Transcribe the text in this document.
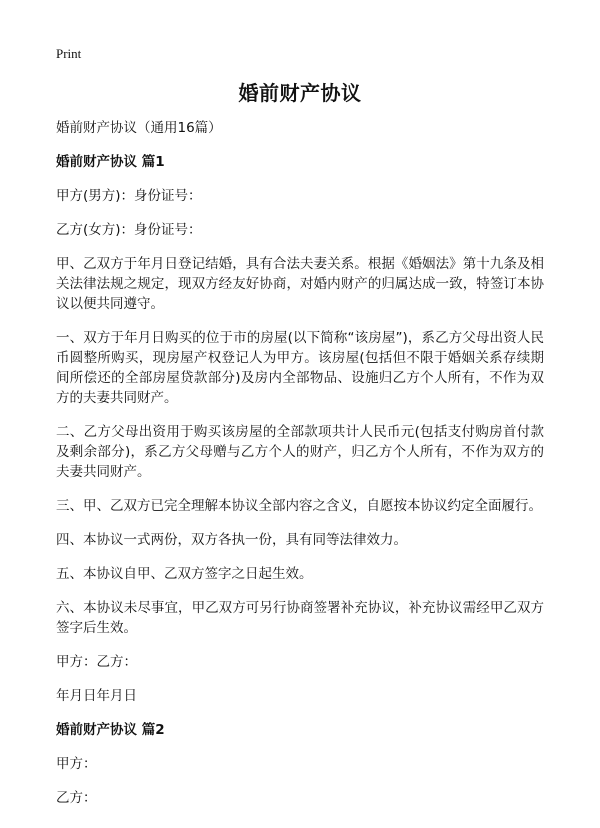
Print
婚前财产协议
婚前财产协议（通用16篇）
婚前财产协议 篇1
甲方(男方)：身份证号：
乙方(女方)：身份证号：
甲、乙双方于年月日登记结婚，具有合法夫妻关系。根据《婚姻法》第十九条及相关法律法规之规定，现双方经友好协商，对婚内财产的归属达成一致，特签订本协议以便共同遵守。
一、双方于年月日购买的位于市的房屋(以下简称“该房屋”)，系乙方父母出资人民币圆整所购买，现房屋产权登记人为甲方。该房屋(包括但不限于婚姻关系存续期间所偿还的全部房屋贷款部分)及房内全部物品、设施归乙方个人所有，不作为双方的夫妻共同财产。
二、乙方父母出资用于购买该房屋的全部款项共计人民币元(包括支付购房首付款及剩余部分)，系乙方父母赠与乙方个人的财产，归乙方个人所有，不作为双方的夫妻共同财产。
三、甲、乙双方已完全理解本协议全部内容之含义，自愿按本协议约定全面履行。
四、本协议一式两份，双方各执一份，具有同等法律效力。
五、本协议自甲、乙双方签字之日起生效。
六、本协议未尽事宜，甲乙双方可另行协商签署补充协议，补充协议需经甲乙双方签字后生效。
甲方：乙方：
年月日年月日
婚前财产协议 篇2
甲方：
乙方：
